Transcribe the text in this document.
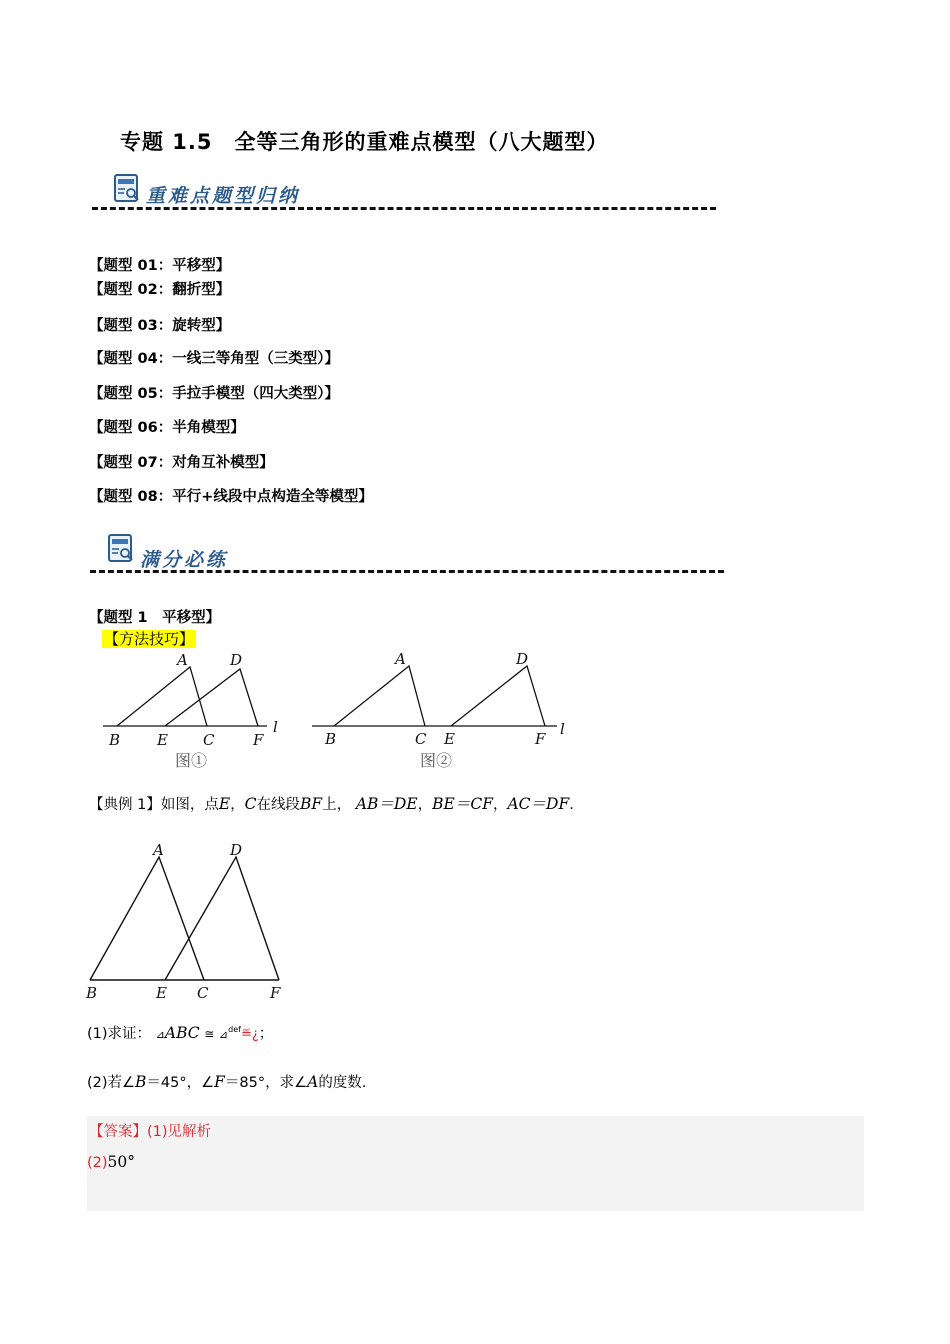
专题 1.5　全等三角形的重难点模型（八大题型）
重难点题型归纳
【题型 01：平移型】
【题型 02：翻折型】
【题型 03：旋转型】
【题型 04：一线三等角型（三类型）】
【题型 05：手拉手模型（四大类型）】
【题型 06：半角模型】
【题型 07：对角互补模型】
【题型 08：平行+线段中点构造全等模型】
满分必练
【题型 1　平移型】
【方法技巧】
A	D
B E C	F
l
图①
A	D
B	C E	F
l
图②
【典例 1】如图，点E，C在线段BF上， AB＝DE，BE＝CF，AC＝DF.
A	D
B	E C	F
(1)求证： ⊿ABC ≅ ⊿$^{def}$≝¿；
(2)若∠B＝45°，∠F＝85°，求∠A的度数.
【答案】(1)见解析
(2)50°
